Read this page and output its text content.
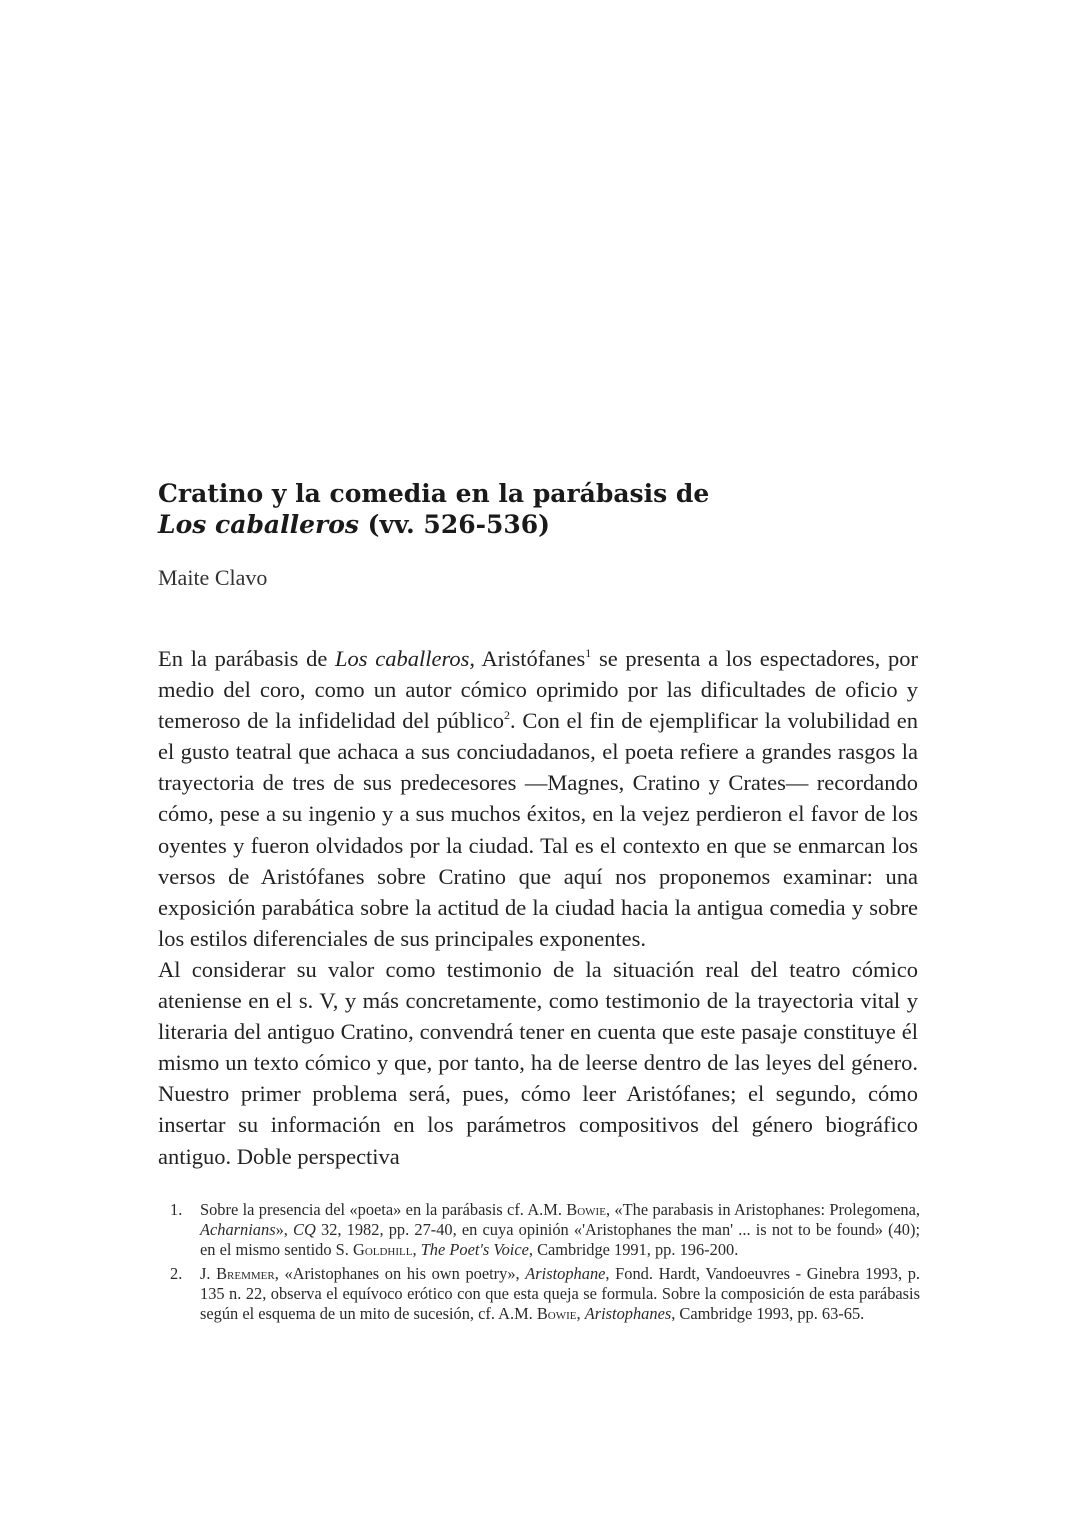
Cratino y la comedia en la parábasis de
Los caballeros (vv. 526-536)
Maite Clavo

En la parábasis de Los caballeros, Aristófanes$^1$ se presenta a los espectadores, por medio del coro, como un autor cómico oprimido por las dificultades de oficio y temeroso de la infidelidad del público$^2$. Con el fin de ejemplificar la volubilidad en el gusto teatral que achaca a sus conciudadanos, el poeta refiere a grandes rasgos la trayectoria de tres de sus predecesores —Magnes, Cratino y Crates— recordando cómo, pese a su ingenio y a sus muchos éxitos, en la vejez perdieron el favor de los oyentes y fueron olvidados por la ciudad. Tal es el contexto en que se enmarcan los versos de Aristófanes sobre Cratino que aquí nos proponemos examinar: una exposición parabática sobre la actitud de la ciudad hacia la antigua comedia y sobre los estilos diferenciales de sus principales exponentes.

Al considerar su valor como testimonio de la situación real del teatro cómico ateniense en el s. V, y más concretamente, como testimonio de la trayectoria vital y literaria del antiguo Cratino, convendrá tener en cuenta que este pasaje constituye él mismo un texto cómico y que, por tanto, ha de leerse dentro de las leyes del género. Nuestro primer problema será, pues, cómo leer Aristófanes; el segundo, cómo insertar su información en los parámetros compositivos del género biográfico antiguo. Doble perspectiva

1. Sobre la presencia del «poeta» en la parábasis cf. A.M. Bowie, «The parabasis in Aristophanes: Prolegomena, Acharnians», CQ 32, 1982, pp. 27-40, en cuya opinión «'Aristophanes the man' ... is not to be found» (40); en el mismo sentido S. Goldhill, The Poet's Voice, Cambridge 1991, pp. 196-200.
2. J. Bremmer, «Aristophanes on his own poetry», Aristophane, Fond. Hardt, Vandoeuvres - Ginebra 1993, p. 135 n. 22, observa el equívoco erótico con que esta queja se formula. Sobre la composición de esta parábasis según el esquema de un mito de sucesión, cf. A.M. Bowie, Aristophanes, Cambridge 1993, pp. 63-65.
